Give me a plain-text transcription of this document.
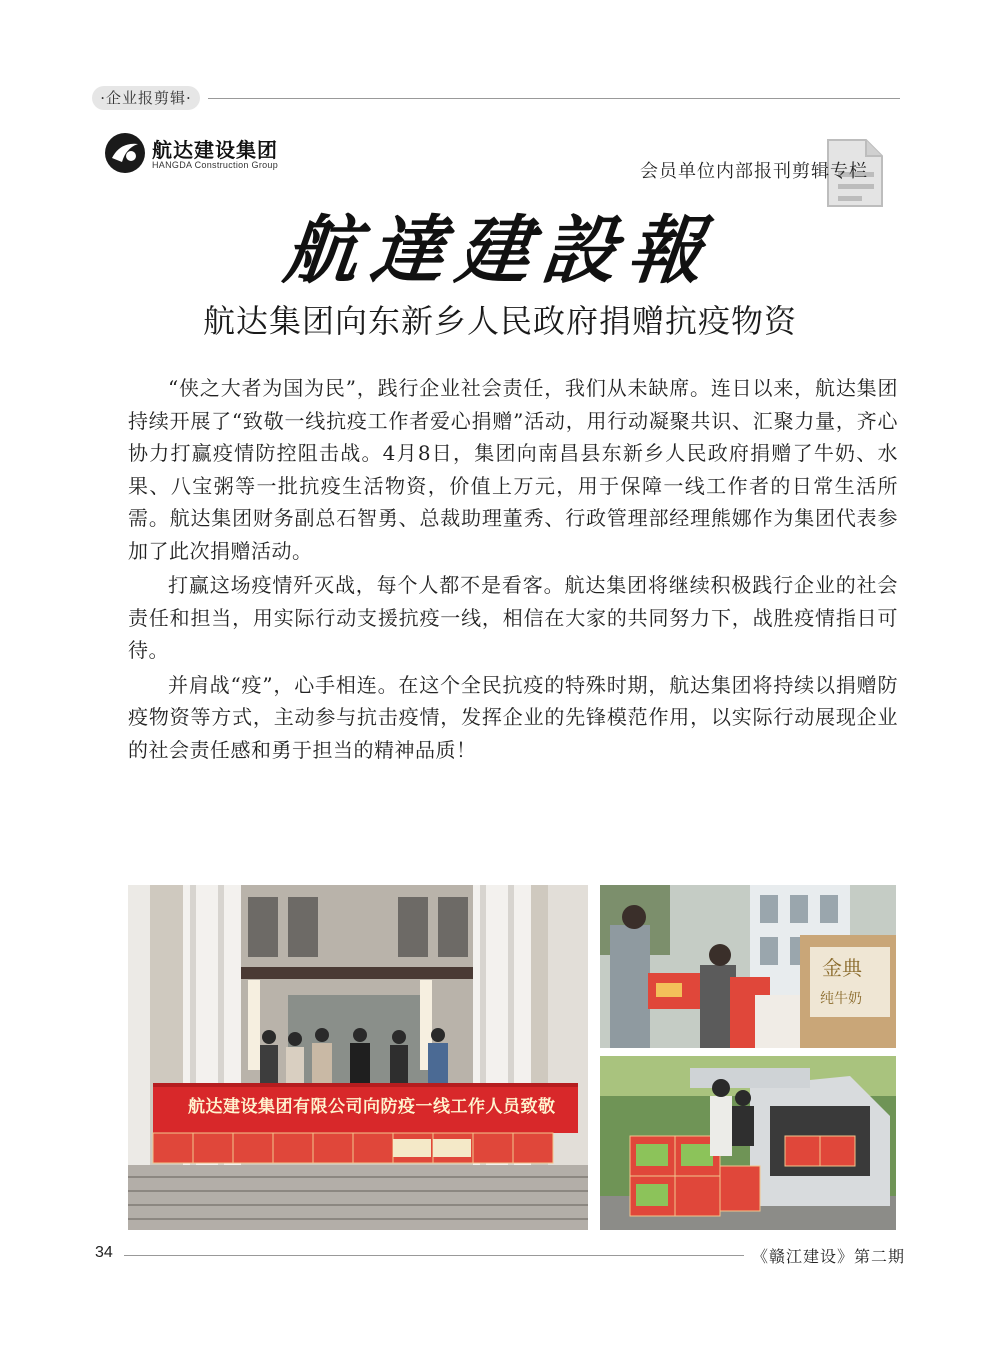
·企业报剪辑·
航达建设集团
HANGDA Construction Group	会员单位内部报刊剪辑专栏
航達建設報
航达集团向东新乡人民政府捐赠抗疫物资

“侠之大者为国为民”，践行企业社会责任，我们从未缺席。连日以来，航达集团持续开展了“致敬一线抗疫工作者爱心捐赠”活动，用行动凝聚共识、汇聚力量，齐心协力打赢疫情防控阻击战。4月8日，集团向南昌县东新乡人民政府捐赠了牛奶、水果、八宝粥等一批抗疫生活物资，价值上万元，用于保障一线工作者的日常生活所需。航达集团财务副总石智勇、总裁助理董秀、行政管理部经理熊娜作为集团代表参加了此次捐赠活动。

打赢这场疫情歼灭战，每个人都不是看客。航达集团将继续积极践行企业的社会责任和担当，用实际行动支援抗疫一线，相信在大家的共同努力下，战胜疫情指日可待。

并肩战“疫”，心手相连。在这个全民抗疫的特殊时期，航达集团将持续以捐赠防疫物资等方式，主动参与抗击疫情，发挥企业的先锋模范作用，以实际行动展现企业的社会责任感和勇于担当的精神品质！

航达建设集团有限公司向防疫一线工作人员致敬
金典
纯牛奶
34	《赣江建设》第二期
